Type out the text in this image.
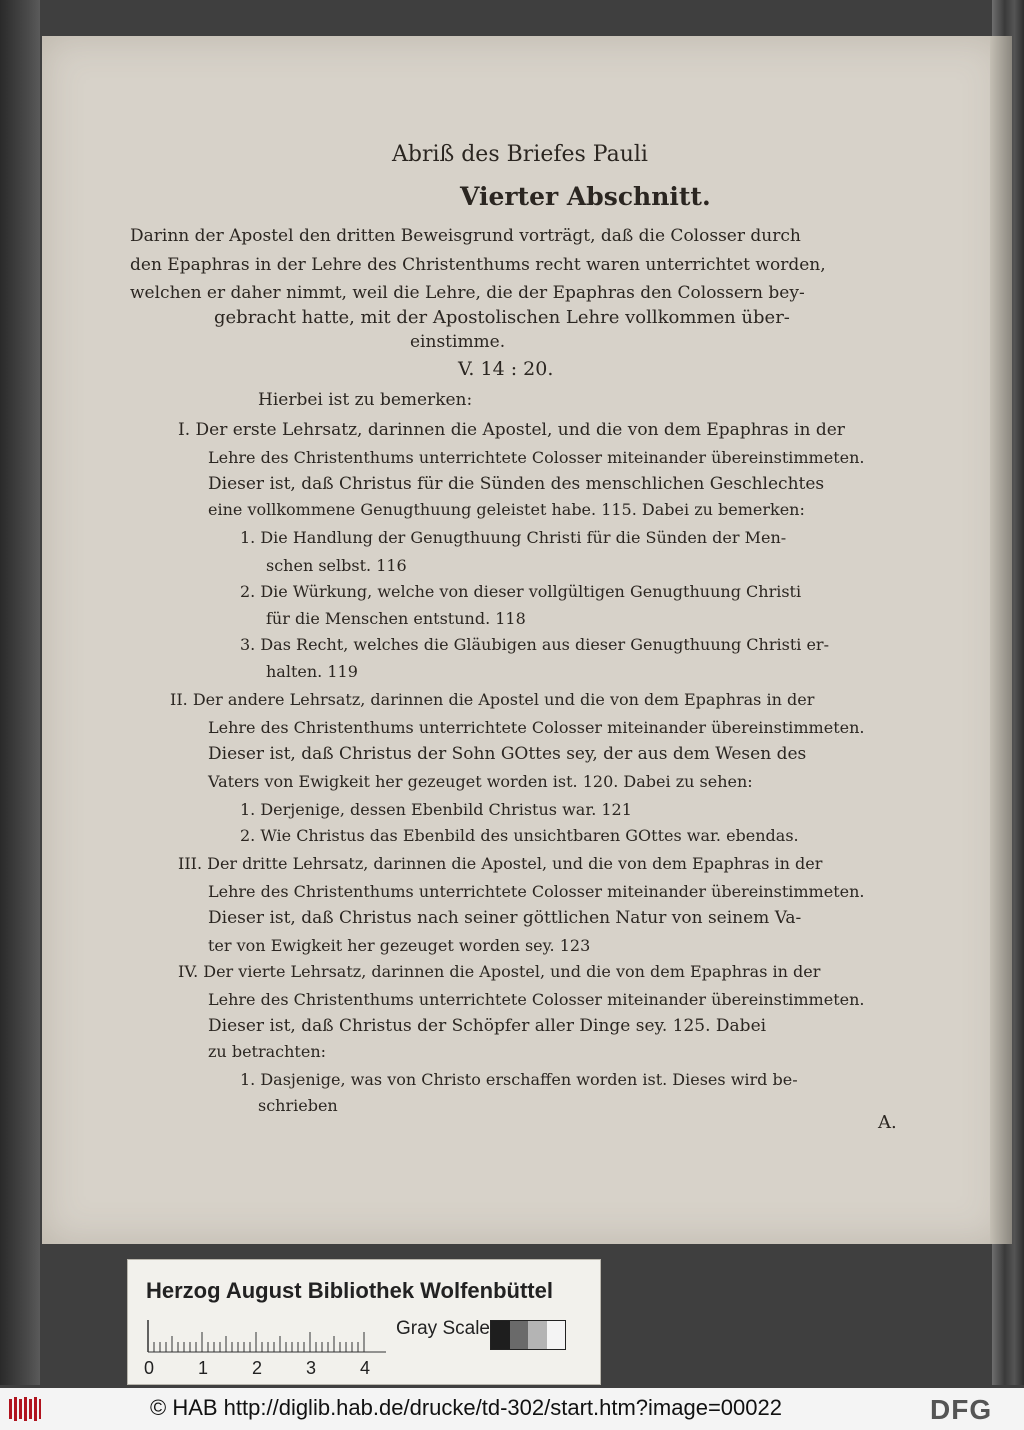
Abriß des Briefes Pauli
Vierter Abschnitt.
Darinn der Apostel den dritten Beweisgrund vorträgt, daß die Colosser durch
den Epaphras in der Lehre des Christenthums recht waren unterrichtet worden,
welchen er daher nimmt, weil die Lehre, die der Epaphras den Colossern bey-
gebracht hatte, mit der Apostolischen Lehre vollkommen über-
einstimme.
V. 14 : 20.
Hierbei ist zu bemerken:
I. Der erste Lehrsatz, darinnen die Apostel, und die von dem Epaphras in der
Lehre des Christenthums unterrichtete Colosser miteinander übereinstimmeten.
Dieser ist, daß Christus für die Sünden des menschlichen Geschlechtes
eine vollkommene Genugthuung geleistet habe. 115. Dabei zu bemerken:
1. Die Handlung der Genugthuung Christi für die Sünden der Men-
schen selbst. 116
2. Die Würkung, welche von dieser vollgültigen Genugthuung Christi
für die Menschen entstund. 118
3. Das Recht, welches die Gläubigen aus dieser Genugthuung Christi er-
halten. 119
II. Der andere Lehrsatz, darinnen die Apostel und die von dem Epaphras in der
Lehre des Christenthums unterrichtete Colosser miteinander übereinstimmeten.
Dieser ist, daß Christus der Sohn GOttes sey, der aus dem Wesen des
Vaters von Ewigkeit her gezeuget worden ist. 120. Dabei zu sehen:
1. Derjenige, dessen Ebenbild Christus war. 121
2. Wie Christus das Ebenbild des unsichtbaren GOttes war. ebendas.
III. Der dritte Lehrsatz, darinnen die Apostel, und die von dem Epaphras in der
Lehre des Christenthums unterrichtete Colosser miteinander übereinstimmeten.
Dieser ist, daß Christus nach seiner göttlichen Natur von seinem Va-
ter von Ewigkeit her gezeuget worden sey. 123
IV. Der vierte Lehrsatz, darinnen die Apostel, und die von dem Epaphras in der
Lehre des Christenthums unterrichtete Colosser miteinander übereinstimmeten.
Dieser ist, daß Christus der Schöpfer aller Dinge sey. 125. Dabei
zu betrachten:
1. Dasjenige, was von Christo erschaffen worden ist. Dieses wird be-
schrieben
A.
Herzog August Bibliothek Wolfenbüttel
0 1 2 3 4
Gray Scale
© HAB http://diglib.hab.de/drucke/td-302/start.htm?image=00022	DFG
